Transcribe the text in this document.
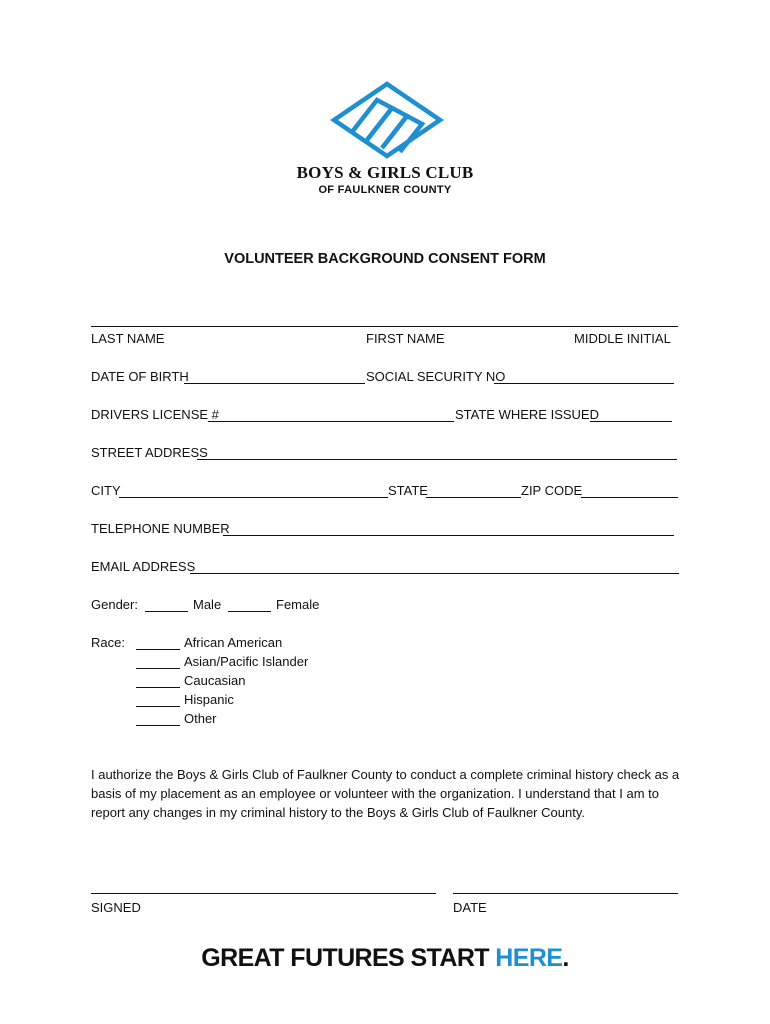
BOYS & GIRLS CLUB
OF FAULKNER COUNTY
VOLUNTEER BACKGROUND CONSENT FORM
LAST NAME	FIRST NAME	MIDDLE INITIAL
DATE OF BIRTH	SOCIAL SECURITY NO
DRIVERS LICENSE #	STATE WHERE ISSUED
STREET ADDRESS
CITY	STATE	ZIP CODE
TELEPHONE NUMBER
EMAIL ADDRESS
Gender:	Male	Female
Race:	African American
Asian/Pacific Islander
Caucasian
Hispanic
Other
I authorize the Boys & Girls Club of Faulkner County to conduct a complete criminal history check as a basis of my placement as an employee or volunteer with the organization. I understand that I am to report any changes in my criminal history to the Boys & Girls Club of Faulkner County.
SIGNED	DATE
GREAT FUTURES START HERE.
